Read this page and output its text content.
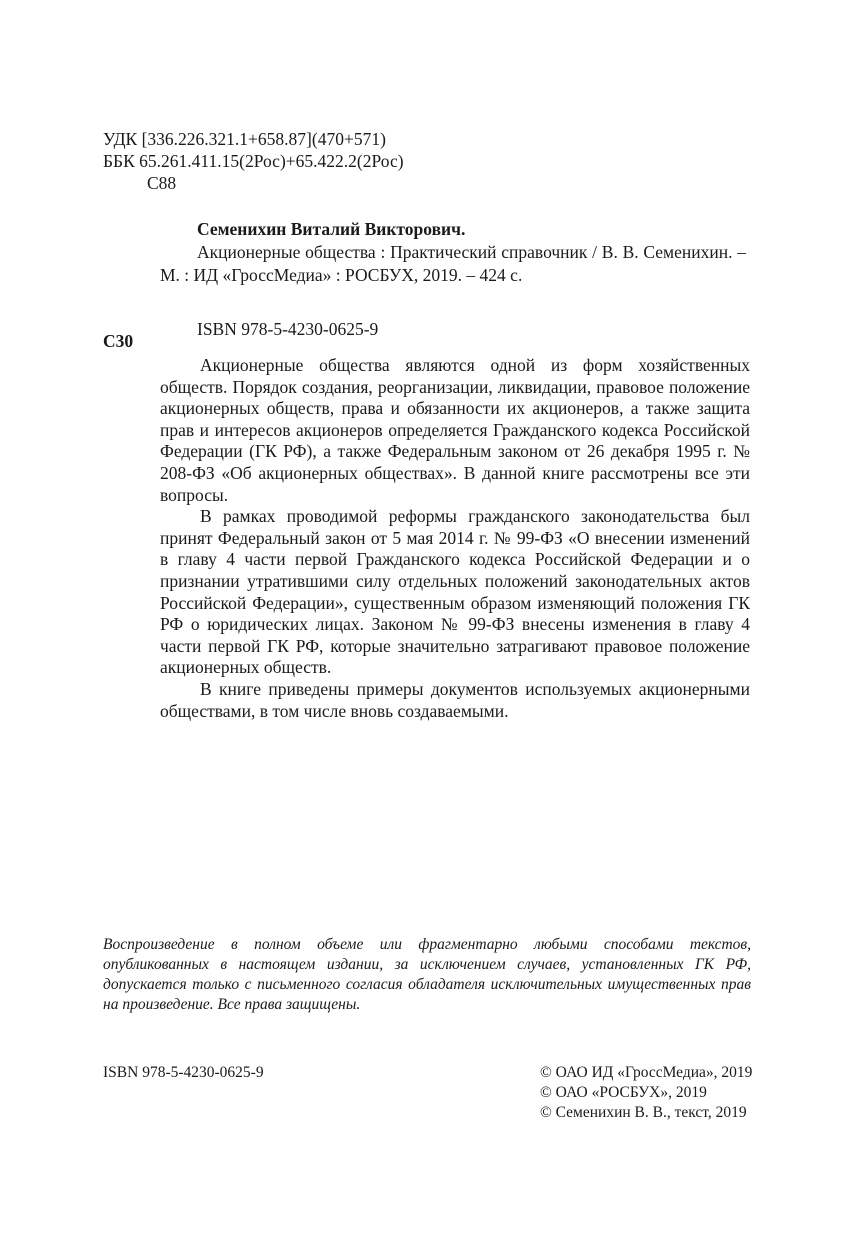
УДК [336.226.321.1+658.87](470+571)
ББК 65.261.411.15(2Рос)+65.422.2(2Рос)
С88
Семенихин Виталий Викторович.
Акционерные общества : Практический справочник / В. В. Семенихин. – М. : ИД «ГроссМедиа» : РОСБУХ, 2019. – 424 с.
ISBN 978-5-4230-0625-9
С30
Акционерные общества являются одной из форм хозяйственных обществ. Порядок создания, реорганизации, ликвидации, правовое положение акционерных обществ, права и обязанности их акционеров, а также защита прав и интересов акционеров определяется Гражданского кодекса Российской Федерации (ГК РФ), а также Федеральным законом от 26 декабря 1995 г. № 208-ФЗ «Об акционерных обществах». В данной книге рассмотрены все эти вопросы.
В рамках проводимой реформы гражданского законодательства был принят Федеральный закон от 5 мая 2014 г. № 99-ФЗ «О внесении изменений в главу 4 части первой Гражданского кодекса Российской Федерации и о признании утратившими силу отдельных положений законодательных актов Российской Федерации», существенным образом изменяющий положения ГК РФ о юридических лицах. Законом № 99-ФЗ внесены изменения в главу 4 части первой ГК РФ, которые значительно затрагивают правовое положение акционерных обществ.
В книге приведены примеры документов используемых акционерными обществами, в том числе вновь создаваемыми.
Воспроизведение в полном объеме или фрагментарно любыми способами текстов, опубликованных в настоящем издании, за исключением случаев, установленных ГК РФ, допускается только с письменного согласия обладателя исключительных имущественных прав на произведение. Все права защищены.
ISBN 978-5-4230-0625-9	© ОАО ИД «ГроссМедиа», 2019
© ОАО «РОСБУХ», 2019
© Семенихин В. В., текст, 2019
